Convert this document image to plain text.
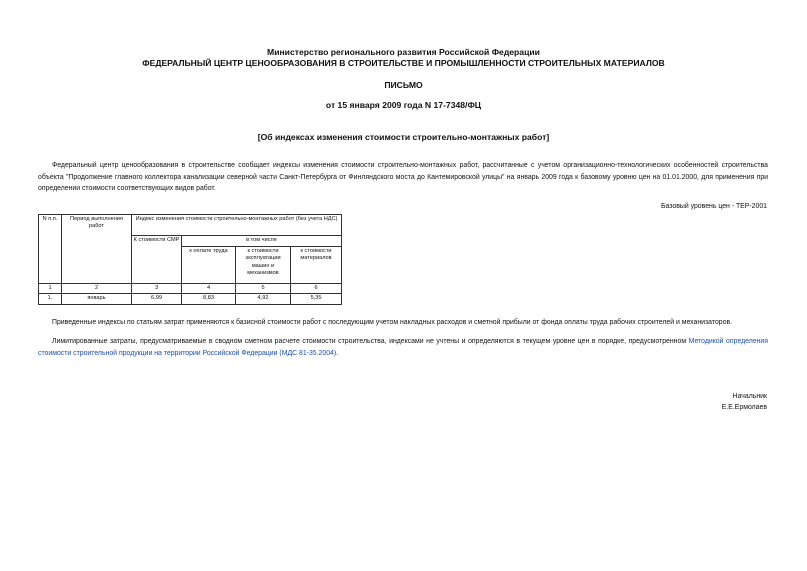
Министерство регионального развития Российской Федерации
ФЕДЕРАЛЬНЫЙ ЦЕНТР ЦЕНООБРАЗОВАНИЯ В СТРОИТЕЛЬСТВЕ И ПРОМЫШЛЕННОСТИ СТРОИТЕЛЬНЫХ МАТЕРИАЛОВ
ПИСЬМО
от 15 января 2009 года N 17-7348/ФЦ
[Об индексах изменения стоимости строительно-монтажных работ]
Федеральный центр ценообразования в строительстве сообщает индексы изменения стоимости строительно-монтажных работ, рассчитанные с учетом организационно-технологических особенностей строительства объекта "Продолжение главного коллектора канализации северной части Санкт-Петербурга от Финляндского моста до Кантемировской улицы" на январь 2009 года к базовому уровню цен на 01.01.2000, для применения при определении стоимости соответствующих видов работ.
Базовый уровень цен - ТЕР-2001
N п.п.	Период выполнения работ	Индекс изменения стоимости строительно-монтажных работ (без учета НДС)			
		К стоимости СМР	в том числе		
			к оплате труда	к стоимости эксплуатации машин и механизмов	к стоимости материалов
1	2	3	4	5	6
1.	январь	6,99	8,83	4,92	5,35
Приведенные индексы по статьям затрат применяются к базисной стоимости работ с последующим учетом накладных расходов и сметной прибыли от фонда оплаты труда рабочих строителей и механизаторов.
Лимитированные затраты, предусматриваемые в сводном сметном расчете стоимости строительства, индексами не учтены и определяются в текущем уровне цен в порядке, предусмотренном Методикой определения стоимости строительной продукции на территории Российской Федерации (МДС 81-35.2004).
Начальник
Е.Е.Ермолаев
